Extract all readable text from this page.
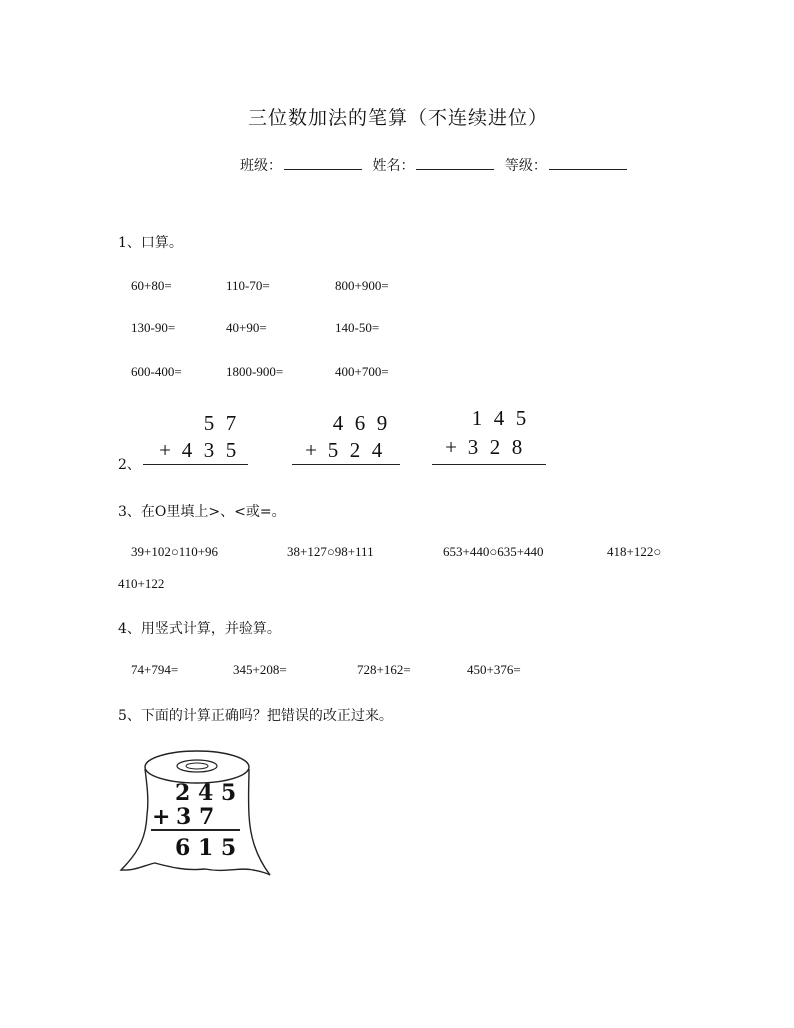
三位数加法的笔算（不连续进位）
班级：	姓名：	等级：
1、口算。
60+80=	110-70=	800+900=
130-90=	40+90=	140-50=
600-400=	1800-900=	400+700=
2、
5 7
+ 4 3 5
4 6 9
+ 5 2 4
1 4 5
+ 3 2 8
3、在O里填上>、<或=。
39+102○110+96	38+127○98+111	653+440○635+440	418+122○
410+122
4、用竖式计算，并验算。
74+794=	345+208=	728+162=	450+376=
5、下面的计算正确吗？把错误的改正过来。
2 4 5
+ 3 7
6 1 5
